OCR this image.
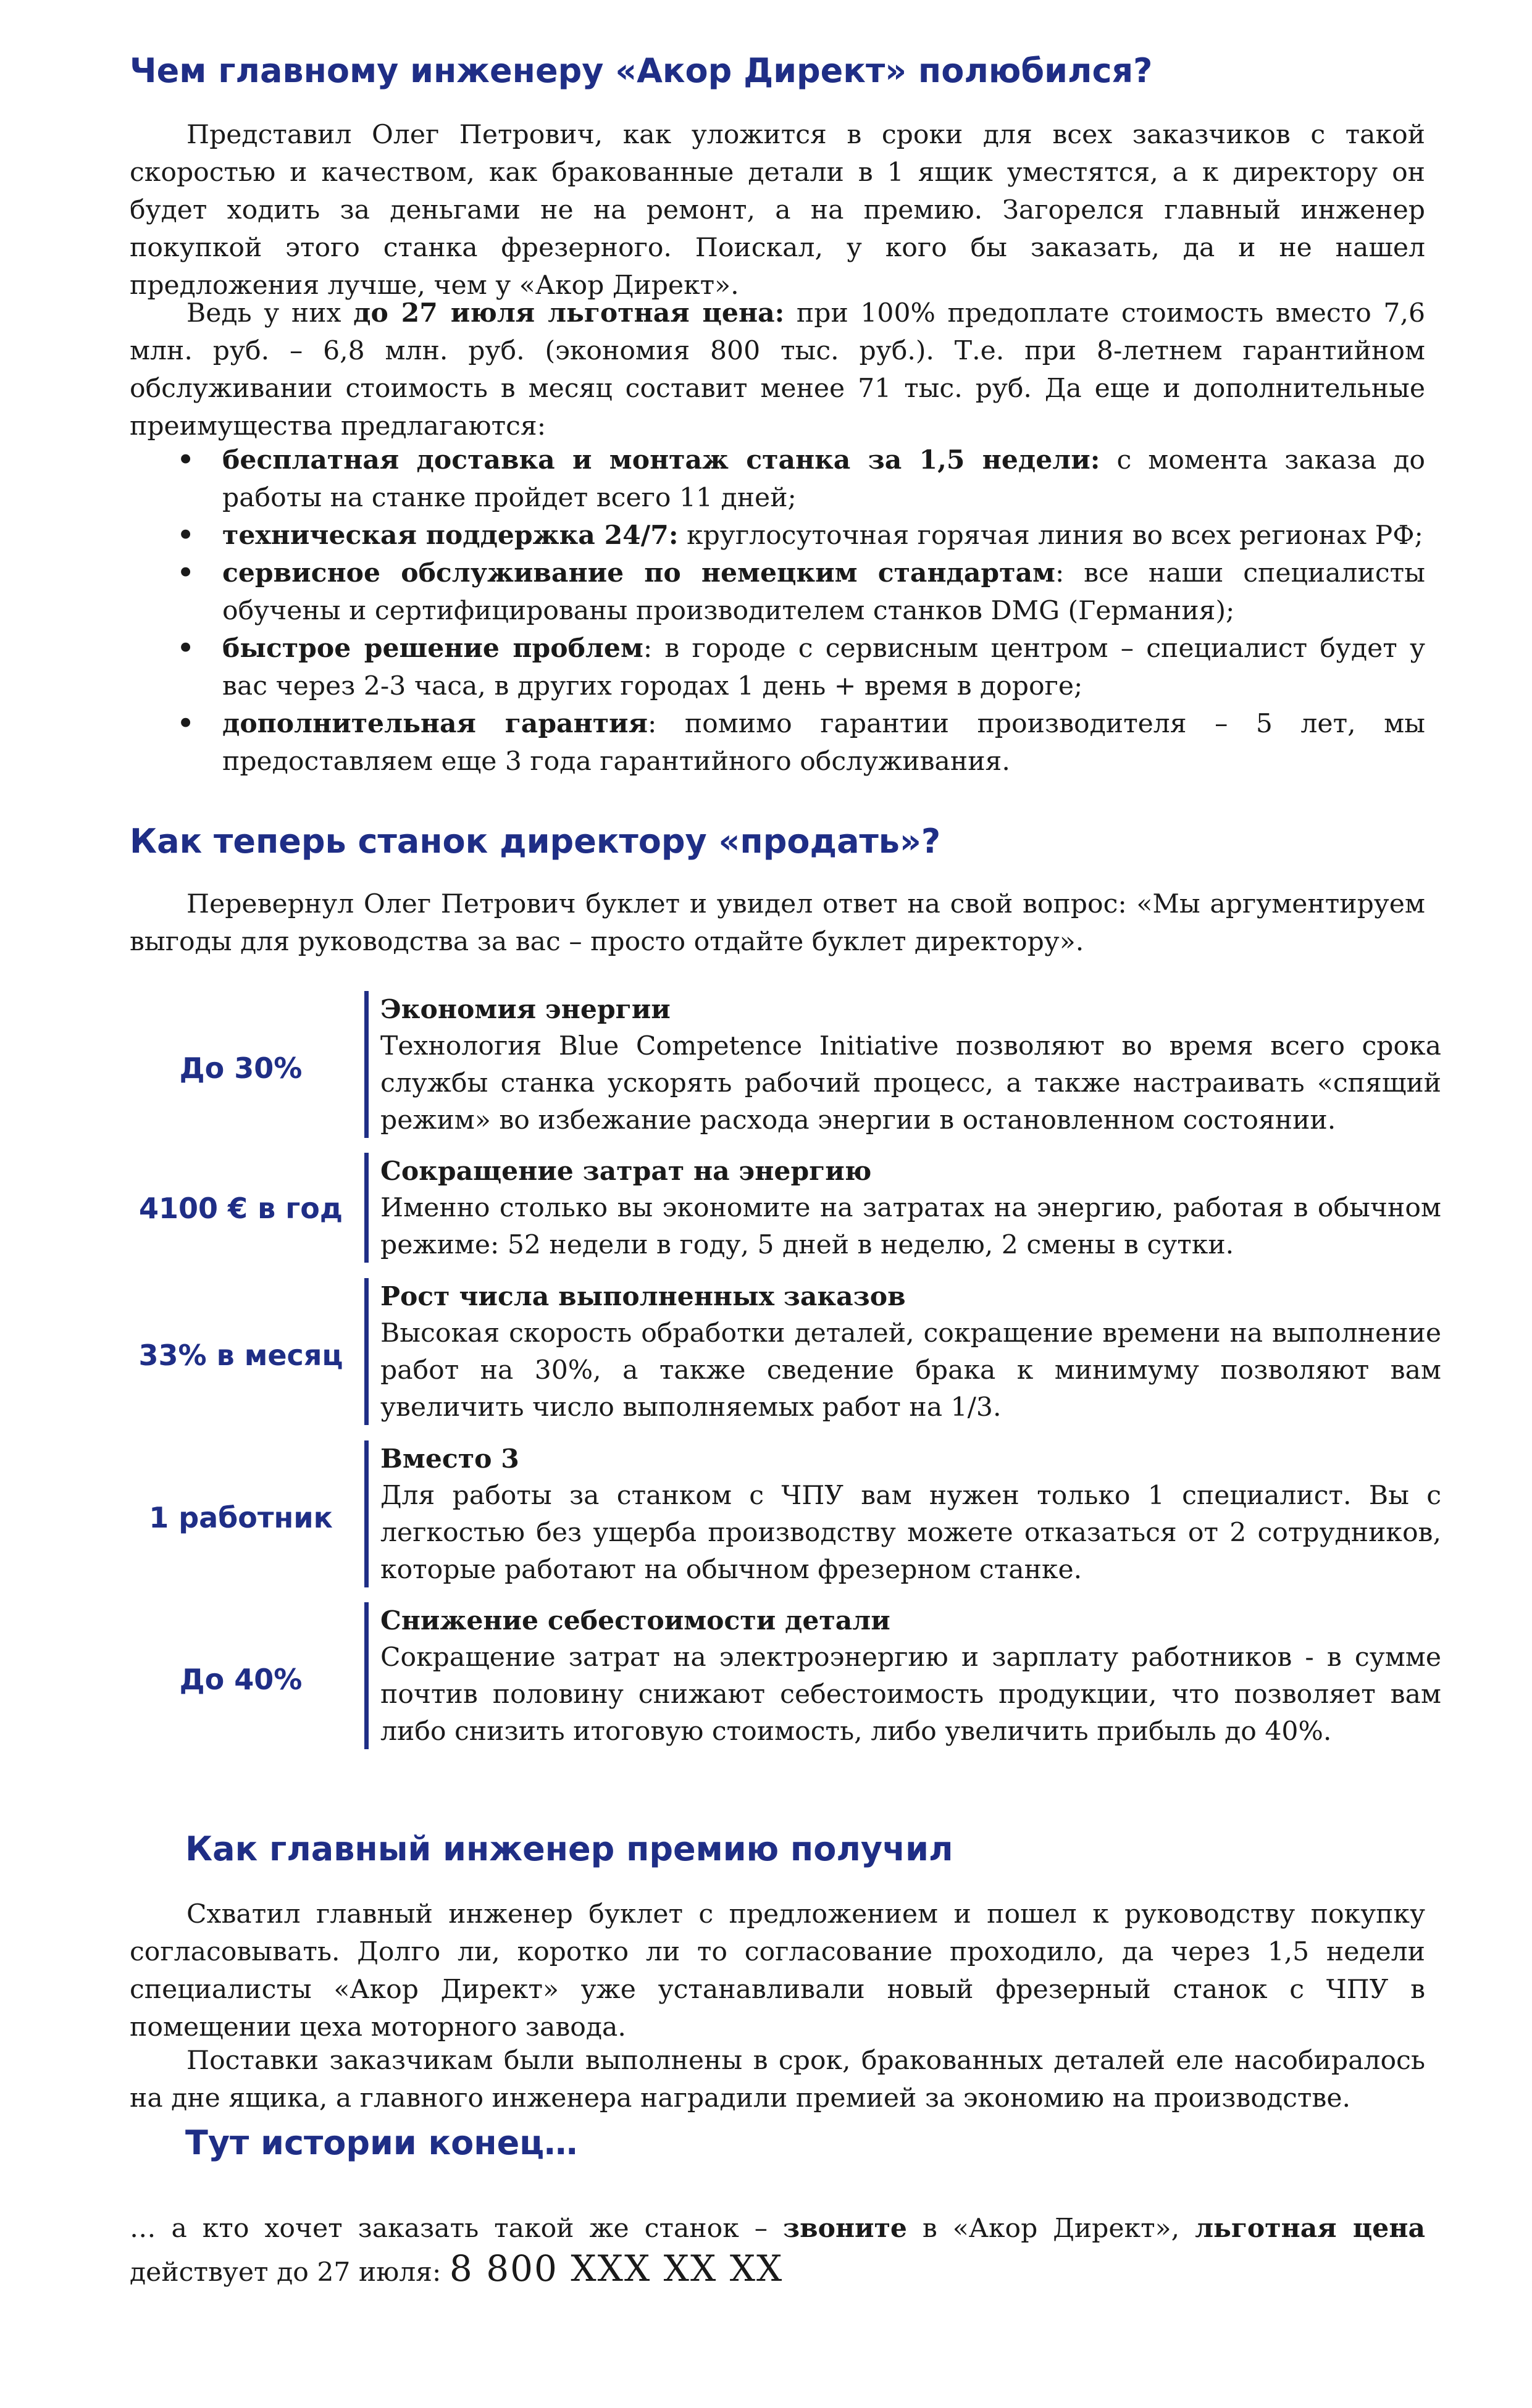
Чем главному инженеру «Акор Директ» полюбился?

Представил Олег Петрович, как уложится в сроки для всех заказчиков с такой скоростью и качеством, как бракованные детали в 1 ящик уместятся, а к директору он будет ходить за деньгами не на ремонт, а на премию. Загорелся главный инженер покупкой этого станка фрезерного. Поискал, у кого бы заказать, да и не нашел предложения лучше, чем у «Акор Директ».

Ведь у них до 27 июля льготная цена: при 100% предоплате стоимость вместо 7,6 млн. руб. – 6,8 млн. руб. (экономия 800 тыс. руб.). Т.е. при 8-летнем гарантийном обслуживании стоимость в месяц составит менее 71 тыс. руб. Да еще и дополнительные преимущества предлагаются:

• бесплатная доставка и монтаж станка за 1,5 недели: с момента заказа до работы на станке пройдет всего 11 дней;
• техническая поддержка 24/7: круглосуточная горячая линия во всех регионах РФ;
• сервисное обслуживание по немецким стандартам: все наши специалисты обучены и сертифицированы производителем станков DMG (Германия);
• быстрое решение проблем: в городе с сервисным центром – специалист будет у вас через 2-3 часа, в других городах 1 день + время в дороге;
• дополнительная гарантия: помимо гарантии производителя – 5 лет, мы предоставляем еще 3 года гарантийного обслуживания.
Как теперь станок директору «продать»?

Перевернул Олег Петрович буклет и увидел ответ на свой вопрос: «Мы аргументируем выгоды для руководства за вас – просто отдайте буклет директору».

До 30%

Экономия энергии

Технология Blue Competence Initiative позволяют во время всего срока службы станка ускорять рабочий процесс, а также настраивать «спящий режим» во избежание расхода энергии в остановленном состоянии.

4100 € в год

Сокращение затрат на энергию

Именно столько вы экономите на затратах на энергию, работая в обычном режиме: 52 недели в году, 5 дней в неделю, 2 смены в сутки.

33% в месяц

Рост числа выполненных заказов

Высокая скорость обработки деталей, сокращение времени на выполнение работ на 30%, а также сведение брака к минимуму позволяют вам увеличить число выполняемых работ на 1/3.

1 работник

Вместо 3

Для работы за станком с ЧПУ вам нужен только 1 специалист. Вы с легкостью без ущерба производству можете отказаться от 2 сотрудников, которые работают на обычном фрезерном станке.

До 40%

Снижение себестоимости детали

Сокращение затрат на электроэнергию и зарплату работников - в сумме почтив половину снижают себестоимость продукции, что позволяет вам либо снизить итоговую стоимость, либо увеличить прибыль до 40%.

Как главный инженер премию получил

Схватил главный инженер буклет с предложением и пошел к руководству покупку согласовывать. Долго ли, коротко ли то согласование проходило, да через 1,5 недели специалисты «Акор Директ» уже устанавливали новый фрезерный станок с ЧПУ в помещении цеха моторного завода.

Поставки заказчикам были выполнены в срок, бракованных деталей еле насобиралось на дне ящика, а главного инженера наградили премией за экономию на производстве.

Тут истории конец…

… а кто хочет заказать такой же станок – звоните в «Акор Директ», льготная цена действует до 27 июля: 8 800 XXX XX XX
